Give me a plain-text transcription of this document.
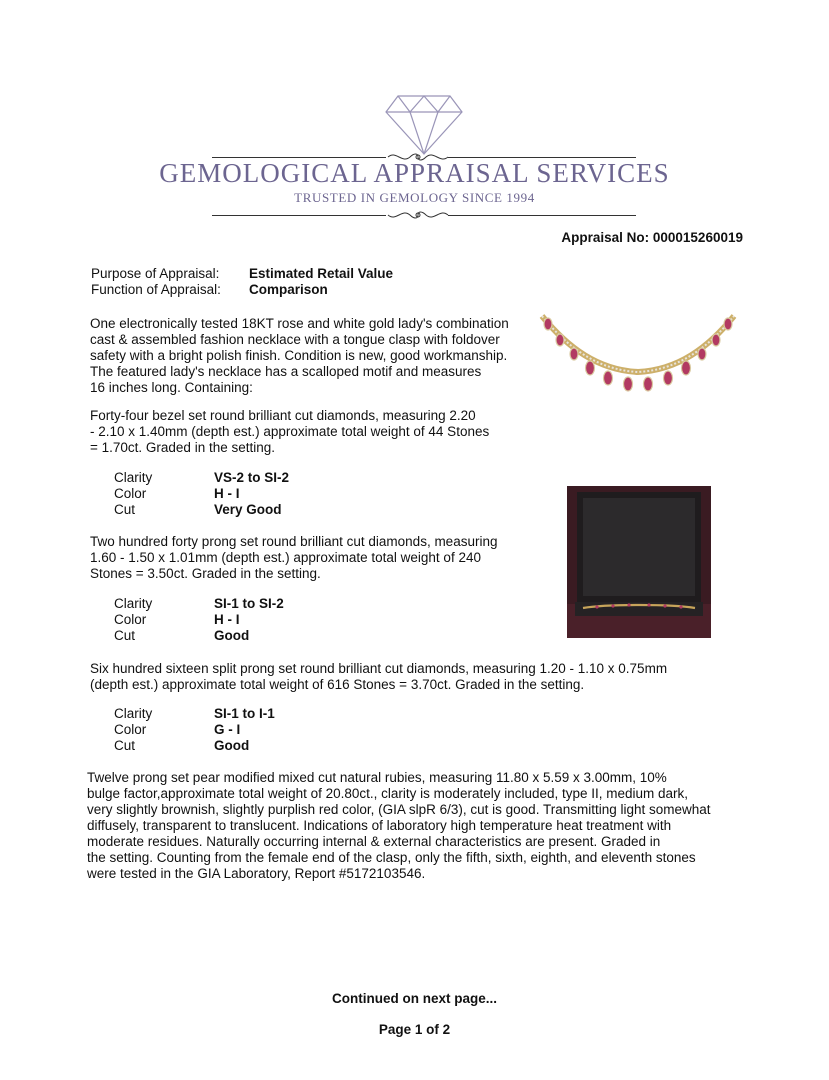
GEMOLOGICAL APPRAISAL SERVICES
TRUSTED IN GEMOLOGY SINCE 1994
Appraisal No: 000015260019
Purpose of Appraisal:	Estimated Retail Value
Function of Appraisal:	Comparison
One electronically tested 18KT rose and white gold lady's combination
cast & assembled fashion necklace with a tongue clasp with foldover
safety with a bright polish finish. Condition is new, good workmanship.
The featured lady's necklace has a scalloped motif and measures
16 inches long. Containing:
Forty-four bezel set round brilliant cut diamonds, measuring 2.20
- 2.10 x 1.40mm (depth est.) approximate total weight of 44 Stones
= 1.70ct. Graded in the setting.
Clarity	VS-2 to SI-2
Color	H - I
Cut	Very Good
Two hundred forty prong set round brilliant cut diamonds, measuring
1.60 - 1.50 x 1.01mm (depth est.) approximate total weight of 240
Stones = 3.50ct. Graded in the setting.
Clarity	SI-1 to SI-2
Color	H - I
Cut	Good
Six hundred sixteen split prong set round brilliant cut diamonds, measuring 1.20 - 1.10 x 0.75mm
(depth est.) approximate total weight of 616 Stones = 3.70ct. Graded in the setting.
Clarity	SI-1 to I-1
Color	G - I
Cut	Good
Twelve prong set pear modified mixed cut natural rubies, measuring 11.80 x 5.59 x 3.00mm, 10%
bulge factor,approximate total weight of 20.80ct., clarity is moderately included, type II, medium dark,
very slightly brownish, slightly purplish red color, (GIA slpR 6/3), cut is good. Transmitting light somewhat
diffusely, transparent to translucent. Indications of laboratory high temperature heat treatment with
moderate residues. Naturally occurring internal & external characteristics are present. Graded in
the setting. Counting from the female end of the clasp, only the fifth, sixth, eighth, and eleventh stones
were tested in the GIA Laboratory, Report #5172103546.
Continued on next page...
Page 1 of 2
